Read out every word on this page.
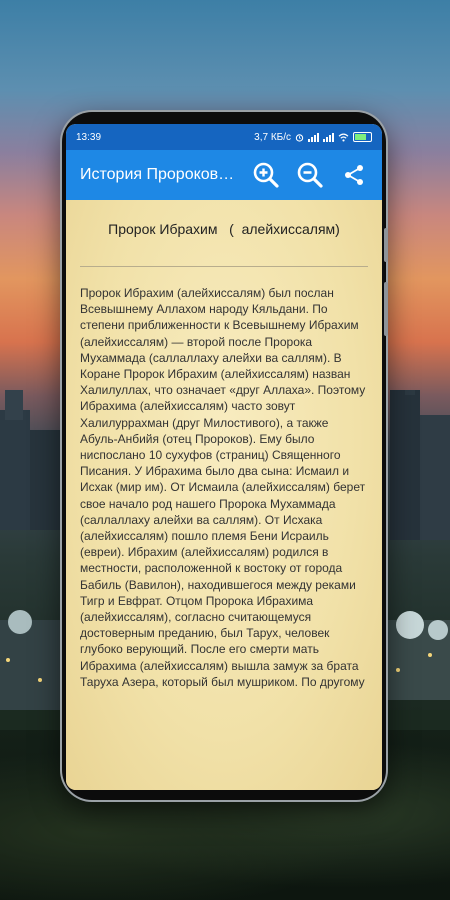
13:39	3,7 КБ/с
История Пророков…
Пророк Ибрахим   (  алейхиссалям)

Пророк Ибрахим (алейхиссалям) был послан Всевышнему Аллахом народу Кяльдани. По степени приближенности к Всевышнему Ибрахим (алейхиссалям) — второй после Пророка Мухаммада (саллаллаху алейхи ва саллям). В Коране Пророк Ибрахим (алейхиссалям) назван Халилуллах, что означает «друг Аллаха». Поэтому Ибрахима (алейхиссалям) часто зовут Халилуррахман (друг Милостивого), а также Абуль-Анбийя (отец Пророков). Ему было ниспослано 10 сухуфов (страниц) Священного Писания. У Ибрахима было два сына: Исмаил и Исхак (мир им). От Исмаила (алейхиссалям) берет свое начало род нашего Пророка Мухаммада (саллаллаху алейхи ва саллям). От Исхака (алейхиссалям) пошло племя Бени Исраиль (евреи). Ибрахим (алейхиссалям) родился в местности, расположенной к востоку от города Бабиль (Вавилон), находившегося между реками Тигр и Евфрат. Отцом Пророка Ибрахима (алейхиссалям), согласно считающемуся достоверным преданию, был Тарух, человек глубоко верующий. После его смерти мать Ибрахима (алейхиссалям) вышла замуж за брата Таруха Азера, который был мушриком. По другому
